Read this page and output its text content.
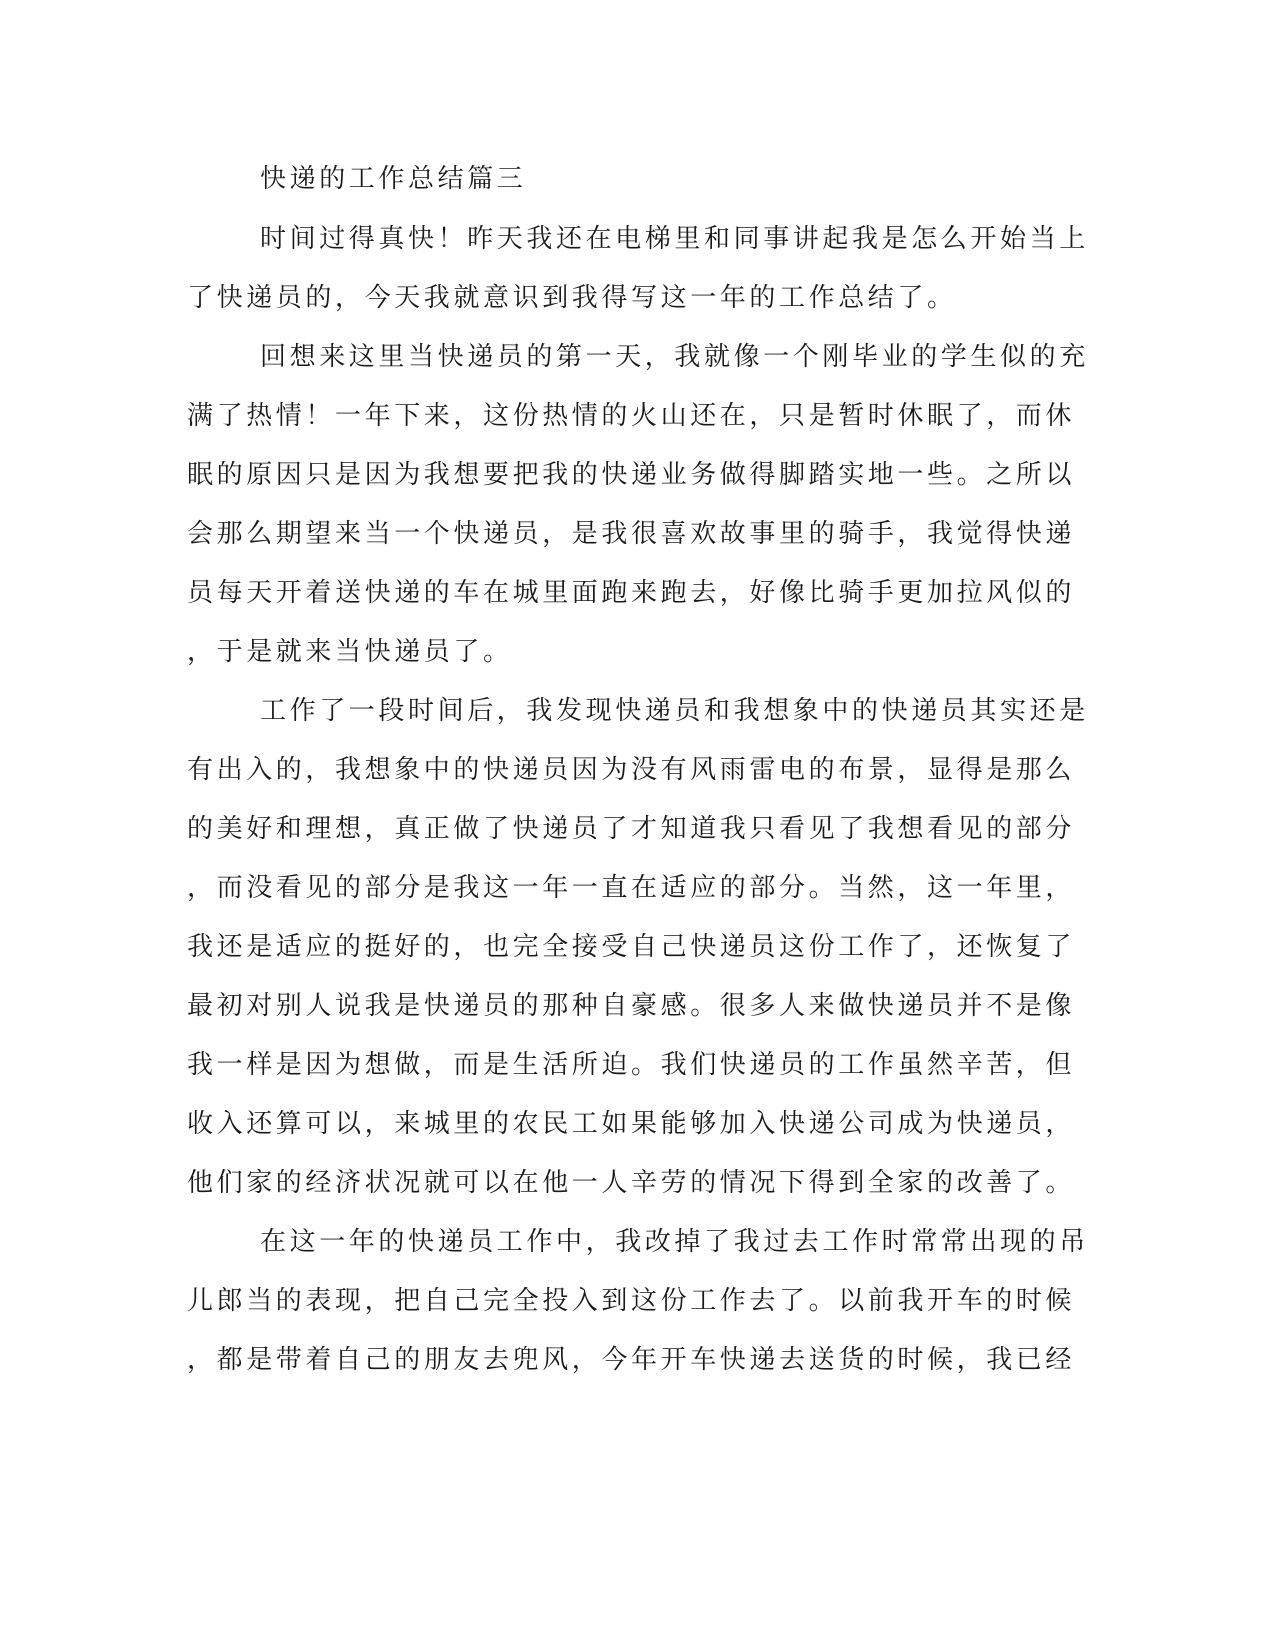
快递的工作总结篇三

时间过得真快！昨天我还在电梯里和同事讲起我是怎么开始当上

了快递员的，今天我就意识到我得写这一年的工作总结了。

回想来这里当快递员的第一天，我就像一个刚毕业的学生似的充

满了热情！一年下来，这份热情的火山还在，只是暂时休眠了，而休

眠的原因只是因为我想要把我的快递业务做得脚踏实地一些。之所以

会那么期望来当一个快递员，是我很喜欢故事里的骑手，我觉得快递

员每天开着送快递的车在城里面跑来跑去，好像比骑手更加拉风似的

，于是就来当快递员了。

工作了一段时间后，我发现快递员和我想象中的快递员其实还是

有出入的，我想象中的快递员因为没有风雨雷电的布景，显得是那么

的美好和理想，真正做了快递员了才知道我只看见了我想看见的部分

，而没看见的部分是我这一年一直在适应的部分。当然，这一年里，

我还是适应的挺好的，也完全接受自己快递员这份工作了，还恢复了

最初对别人说我是快递员的那种自豪感。很多人来做快递员并不是像

我一样是因为想做，而是生活所迫。我们快递员的工作虽然辛苦，但

收入还算可以，来城里的农民工如果能够加入快递公司成为快递员，

他们家的经济状况就可以在他一人辛劳的情况下得到全家的改善了。

在这一年的快递员工作中，我改掉了我过去工作时常常出现的吊

儿郎当的表现，把自己完全投入到这份工作去了。以前我开车的时候

，都是带着自己的朋友去兜风，今年开车快递去送货的时候，我已经
